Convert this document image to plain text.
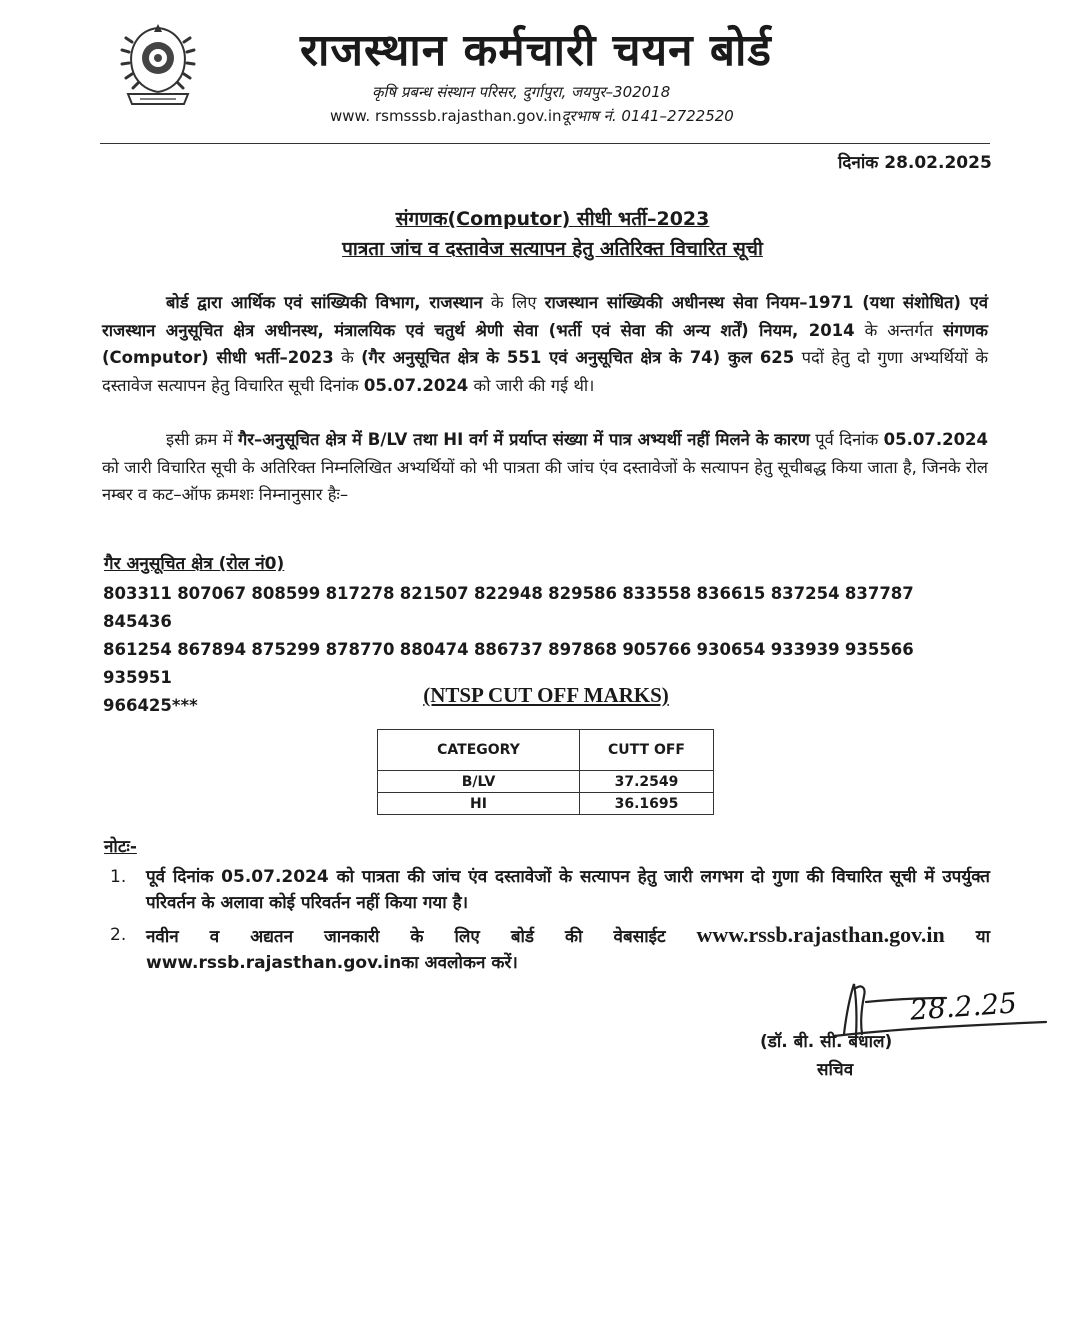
राजस्थान कर्मचारी चयन बोर्ड
कृषि प्रबन्ध संस्थान परिसर, दुर्गापुरा, जयपुर–302018
www. rsmsssb.rajasthan.gov.inदूरभाष नं. 0141–2722520
दिनांक 28.02.2025
संगणक(Computor) सीधी भर्ती–2023
पात्रता जांच व दस्तावेज सत्यापन हेतु अतिरिक्त विचारित सूची
बोर्ड द्वारा आर्थिक एवं सांख्यिकी विभाग, राजस्थान के लिए राजस्थान सांख्यिकी अधीनस्थ सेवा नियम–1971 (यथा संशोधित) एवं राजस्थान अनुसूचित क्षेत्र अधीनस्थ, मंत्रालयिक एवं चतुर्थ श्रेणी सेवा (भर्ती एवं सेवा की अन्य शर्तें) नियम, 2014 के अन्तर्गत संगणक (Computor) सीधी भर्ती–2023 के (गैर अनुसूचित क्षेत्र के 551 एवं अनुसूचित क्षेत्र के 74) कुल 625 पदों हेतु दो गुणा अभ्यर्थियों के दस्तावेज सत्यापन हेतु विचारित सूची दिनांक 05.07.2024 को जारी की गई थी।
इसी क्रम में गैर–अनुसूचित क्षेत्र में B/LV तथा HI वर्ग में प्रर्याप्त संख्या में पात्र अभ्यर्थी नहीं मिलने के कारण पूर्व दिनांक 05.07.2024 को जारी विचारित सूची के अतिरिक्त निम्नलिखित अभ्यर्थियों को भी पात्रता की जांच एंव दस्तावेजों के सत्यापन हेतु सूचीबद्ध किया जाता है, जिनके रोल नम्बर व कट–ऑफ क्रमशः निम्नानुसार हैः–
गैर अनुसूचित क्षेत्र (रोल नं0)
803311 807067 808599 817278 821507 822948 829586 833558 836615 837254 837787845436
861254 867894 875299 878770 880474 886737 897868 905766 930654 933939 935566935951
966425***	(NTSP CUT OFF MARKS)
CATEGORY	CUTT OFF
B/LV	37.2549
HI	36.1695
नोटः-
1. पूर्व दिनांक 05.07.2024 को पात्रता की जांच एंव दस्तावेजों के सत्यापन हेतु जारी लगभग दो गुणा की विचारित सूची में उपर्युक्त परिवर्तन के अलावा कोई परिवर्तन नहीं किया गया है।
2. नवीन व अद्यतन जानकारी के लिए बोर्ड की वेबसाईट www.rssb.rajasthan.gov.in या www.rssb.rajasthan.gov.inका अवलोकन करें।
28.2.25
(डॉ. बी. सी. बधाल)
सचिव
